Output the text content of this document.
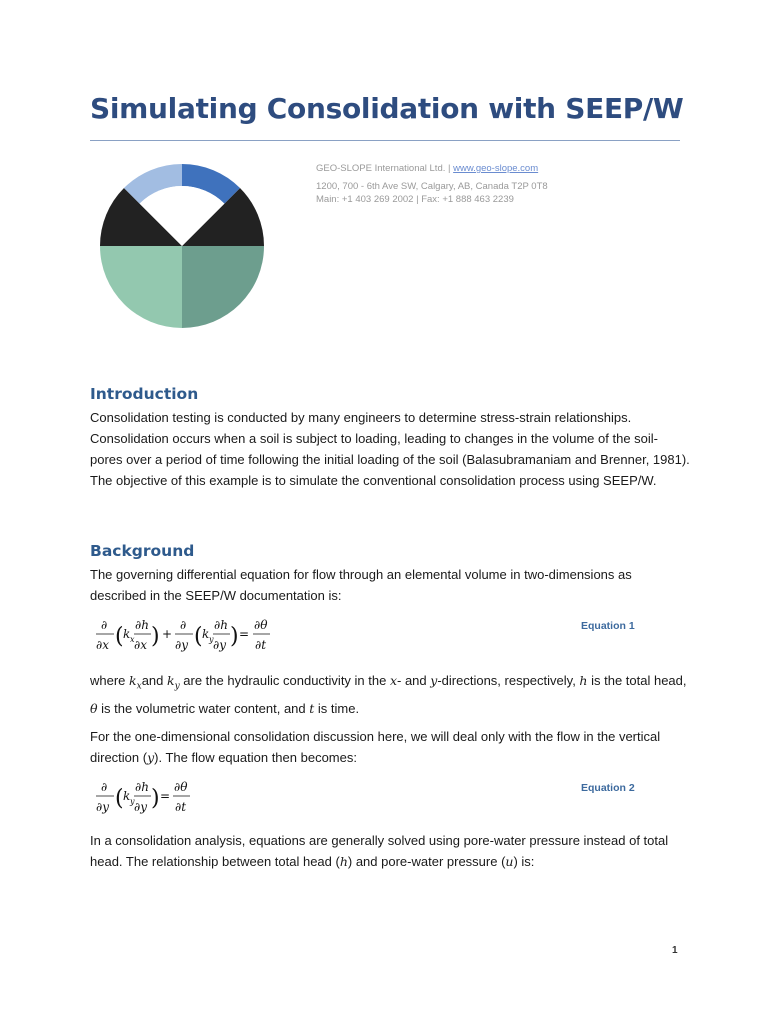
Simulating Consolidation with SEEP/W
GEO-SLOPE International Ltd. | www.geo-slope.com
1200, 700 - 6th Ave SW, Calgary, AB, Canada T2P 0T8
Main: +1 403 269 2002 | Fax: +1 888 463 2239
Introduction

Consolidation testing is conducted by many engineers to determine stress-strain relationships. Consolidation occurs when a soil is subject to loading, leading to changes in the volume of the soil-pores over a period of time following the initial loading of the soil (Balasubramaniam and Brenner, 1981). The objective of this example is to simulate the conventional consolidation process using SEEP/W.

Background

The governing differential equation for flow through an elemental volume in two-dimensions as described in the SEEP/W documentation is:

∂
∂x ( k x
∂h
∂x ) +
∂
∂y ( k y
∂h
∂y ) =
∂θ
∂t
Equation 1

where $k_xand$ $k_y$ are the hydraulic conductivity in the x- and y-directions, respectively, h is the total head, θ is the volumetric water content, and t is time.

For the one-dimensional consolidation discussion here, we will deal only with the flow in the vertical direction (y). The flow equation then becomes:

∂
∂y ( k y
∂h
∂y ) =
∂θ
∂t
Equation 2

In a consolidation analysis, equations are generally solved using pore-water pressure instead of total head. The relationship between total head (h) and pore-water pressure (u) is:

1
